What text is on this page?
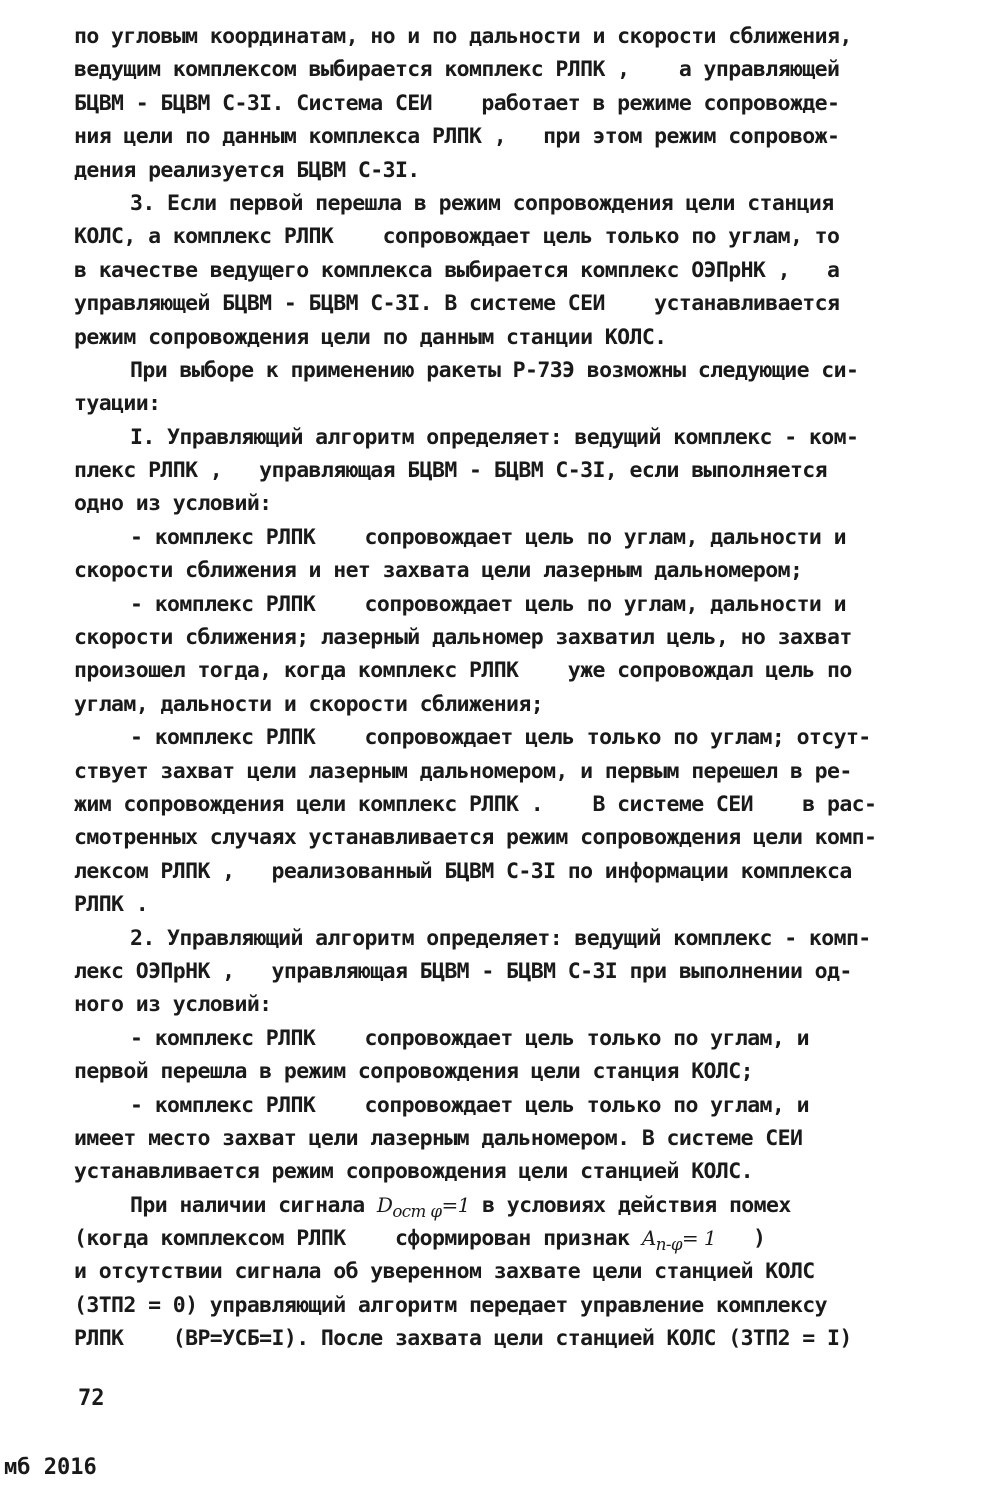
по угловым координатам, но и по дальности и скорости сближения,
ведущим комплексом выбирается комплекс РЛПК ,    а управляющей
БЦВМ - БЦВМ С-3I. Система СЕИ    работает в режиме сопровожде-
ния цели по данным комплекса РЛПК ,   при этом режим сопровож-
дения реализуется БЦВМ С-3I.
3. Если первой перешла в режим сопровождения цели станция
КОЛС, а комплекс РЛПК    сопровождает цель только по углам, то
в качестве ведущего комплекса выбирается комплекс ОЭПрНК ,   а
управляющей БЦВМ - БЦВМ С-3I. В системе СЕИ    устанавливается
режим сопровождения цели по данным станции КОЛС.
При выборе к применению ракеты Р-73Э возможны следующие си-
туации:
I. Управляющий алгоритм определяет: ведущий комплекс - ком-
плекс РЛПК ,   управляющая БЦВМ - БЦВМ С-3I, если выполняется
одно из условий:
- комплекс РЛПК    сопровождает цель по углам, дальности и
скорости сближения и нет захвата цели лазерным дальномером;
- комплекс РЛПК    сопровождает цель по углам, дальности и
скорости сближения; лазерный дальномер захватил цель, но захват
произошел тогда, когда комплекс РЛПК    уже сопровождал цель по
углам, дальности и скорости сближения;
- комплекс РЛПК    сопровождает цель только по углам; отсут-
ствует захват цели лазерным дальномером, и первым перешел в ре-
жим сопровождения цели комплекс РЛПК .    В системе СЕИ    в рас-
смотренных случаях устанавливается режим сопровождения цели комп-
лексом РЛПК ,   реализованный БЦВМ С-3I по информации комплекса
РЛПК .
2. Управляющий алгоритм определяет: ведущий комплекс - комп-
лекс ОЭПрНК ,   управляющая БЦВМ - БЦВМ С-3I при выполнении од-
ного из условий:
- комплекс РЛПК    сопровождает цель только по углам, и
первой перешла в режим сопровождения цели станция КОЛС;
- комплекс РЛПК    сопровождает цель только по углам, и
имеет место захват цели лазерным дальномером. В системе СЕИ
устанавливается режим сопровождения цели станцией КОЛС.
При наличии сигнала $D_{ост \varphi}=1$ в условиях действия помех
(когда комплексом РЛПК    сформирован признак $A_{п-\varphi}= 1$   )
и отсутствии сигнала об уверенном захвате цели станцией КОЛС
(ЗТП2 = 0) управляющий алгоритм передает управление комплексу
РЛПК    (ВР=УСБ=I). После захвата цели станцией КОЛС (ЗТП2 = I)
72
мб 2016
